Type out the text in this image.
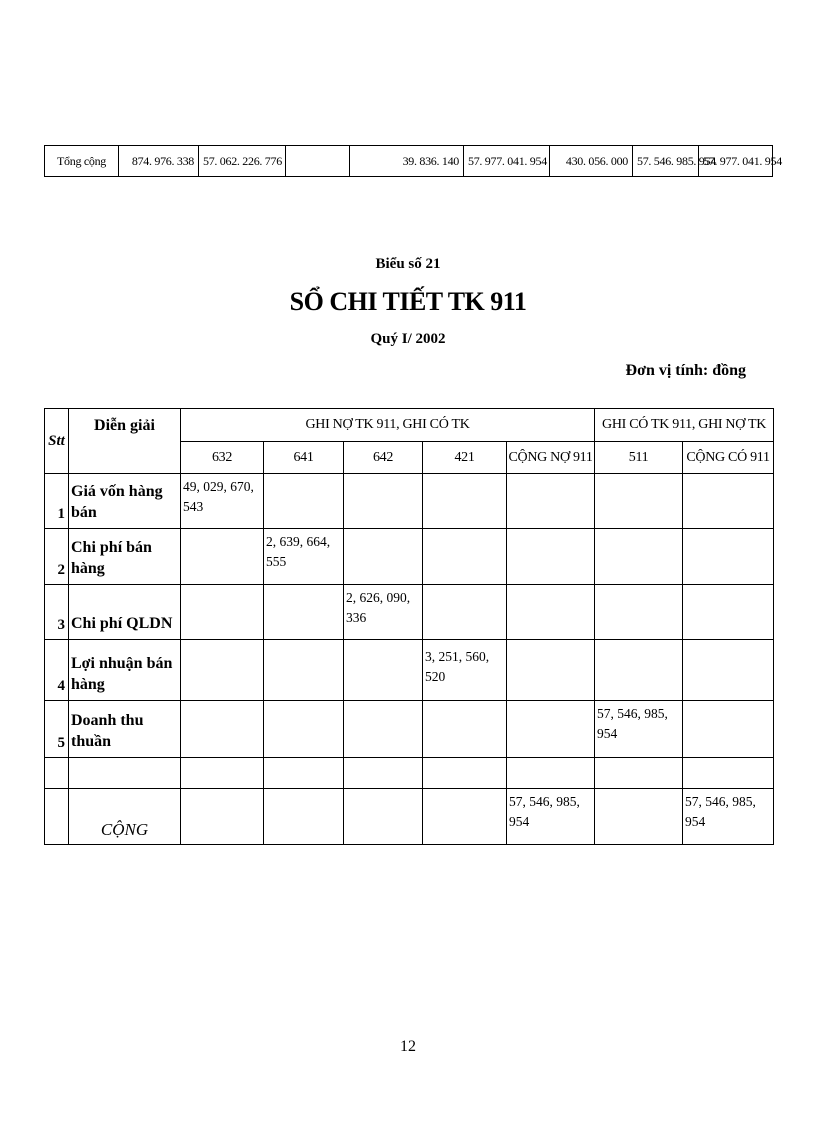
Tổng cộng	874. 976. 338	57. 062. 226. 776		39. 836. 140	57. 977. 041. 954	430. 056. 000	57. 546. 985. 954	57. 977. 041. 954
Biểu số 21
SỔ CHI TIẾT TK 911
Quý I/ 2002
Đơn vị tính: đồng
Stt	Diễn giải	GHI NỢ TK 911, GHI CÓ TK					GHI CÓ TK 911, GHI NỢ TK	
		632	641	642	421	CỘNG NỢ 911	511	CỘNG CÓ 911
1	Giá vốn hàng bán	49, 029, 670, 543						
2	Chi phí bán hàng		2, 639, 664, 555					
3	Chi phí QLDN			2, 626, 090, 336				
4	Lợi nhuận bán hàng				3, 251, 560, 520			
5	Doanh thu thuần						57, 546, 985, 954	

	CỘNG					57, 546, 985, 954		57, 546, 985, 954
12
